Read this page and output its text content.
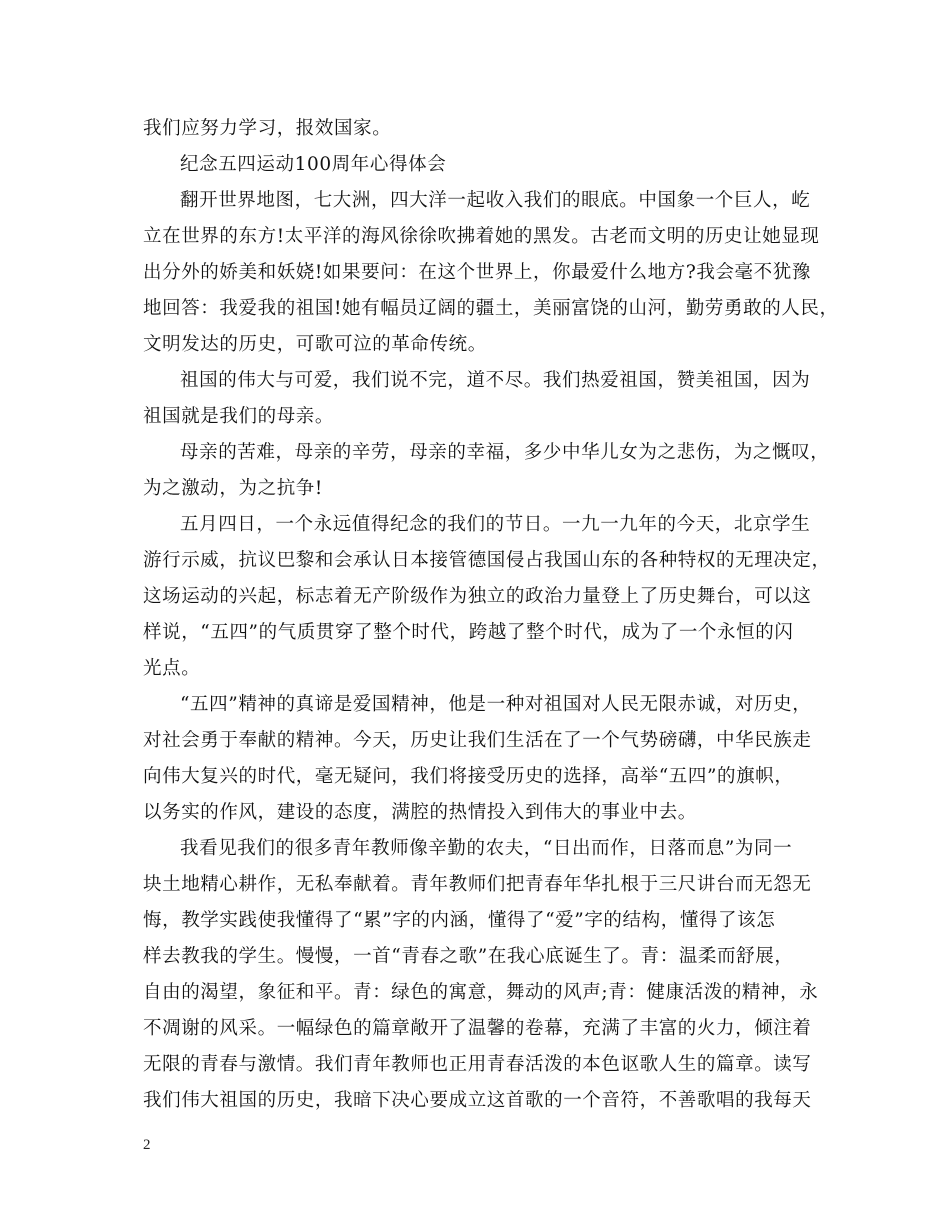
我们应努力学习，报效国家。
纪念五四运动100周年心得体会
翻开世界地图，七大洲，四大洋一起收入我们的眼底。中国象一个巨人，屹
立在世界的东方!太平洋的海风徐徐吹拂着她的黑发。古老而文明的历史让她显现
出分外的娇美和妖娆!如果要问：在这个世界上，你最爱什么地方?我会毫不犹豫
地回答：我爱我的祖国!她有幅员辽阔的疆土，美丽富饶的山河，勤劳勇敢的人民，
文明发达的历史，可歌可泣的革命传统。
祖国的伟大与可爱，我们说不完，道不尽。我们热爱祖国，赞美祖国，因为
祖国就是我们的母亲。
母亲的苦难，母亲的辛劳，母亲的幸福，多少中华儿女为之悲伤，为之慨叹，
为之激动，为之抗争!
五月四日，一个永远值得纪念的我们的节日。一九一九年的今天，北京学生
游行示威，抗议巴黎和会承认日本接管德国侵占我国山东的各种特权的无理决定，
这场运动的兴起，标志着无产阶级作为独立的政治力量登上了历史舞台，可以这
样说，“五四”的气质贯穿了整个时代，跨越了整个时代，成为了一个永恒的闪
光点。
“五四”精神的真谛是爱国精神，他是一种对祖国对人民无限赤诚，对历史，
对社会勇于奉献的精神。今天，历史让我们生活在了一个气势磅礴，中华民族走
向伟大复兴的时代，毫无疑问，我们将接受历史的选择，高举“五四”的旗帜，
以务实的作风，建设的态度，满腔的热情投入到伟大的事业中去。
我看见我们的很多青年教师像辛勤的农夫，“日出而作，日落而息”为同一
块土地精心耕作，无私奉献着。青年教师们把青春年华扎根于三尺讲台而无怨无
悔，教学实践使我懂得了“累”字的内涵，懂得了“爱”字的结构，懂得了该怎
样去教我的学生。慢慢，一首“青春之歌”在我心底诞生了。青：温柔而舒展，
自由的渴望，象征和平。青：绿色的寓意，舞动的风声;青：健康活泼的精神，永
不凋谢的风采。一幅绿色的篇章敞开了温馨的卷幕，充满了丰富的火力，倾注着
无限的青春与激情。我们青年教师也正用青春活泼的本色讴歌人生的篇章。读写
我们伟大祖国的历史，我暗下决心要成立这首歌的一个音符，不善歌唱的我每天
2
